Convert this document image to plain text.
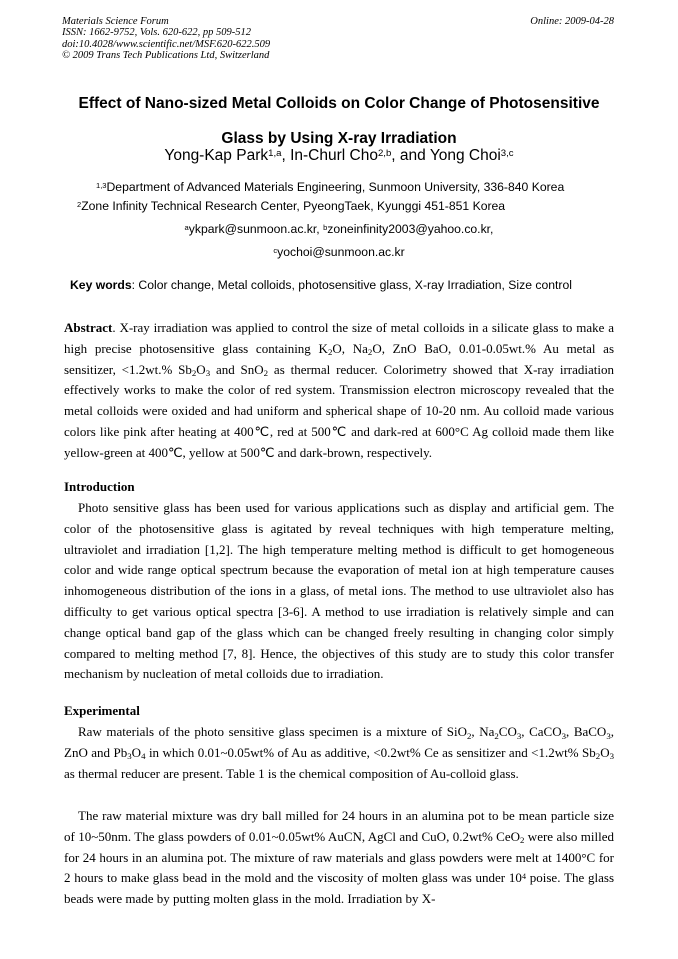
Materials Science Forum
ISSN: 1662-9752, Vols. 620-622, pp 509-512
doi:10.4028/www.scientific.net/MSF.620-622.509
© 2009 Trans Tech Publications Ltd, Switzerland
Online: 2009-04-28
Effect of Nano-sized Metal Colloids on Color Change of Photosensitive
Glass by Using X-ray Irradiation
Yong-Kap Park$^{1,a}$, In-Churl Cho$^{2,b}$, and Yong Choi$^{3,c}$
$^{1,3}$Department of Advanced Materials Engineering, Sunmoon University, 336-840 Korea
$^2$Zone Infinity Technical Research Center, PyeongTaek, Kyunggi 451-851 Korea
$^a$ykpark@sunmoon.ac.kr, $^b$zoneinfinity2003@yahoo.co.kr,
$^c$yochoi@sunmoon.ac.kr
Key words: Color change, Metal colloids, photosensitive glass, X-ray Irradiation, Size control
Abstract. X-ray irradiation was applied to control the size of metal colloids in a silicate glass to make a high precise photosensitive glass containing $K_2O$, $Na_2O$, ZnO BaO, 0.01-0.05wt.% Au metal as sensitizer, <1.2wt.% $Sb_2O_3$ and SnO$_2$ as thermal reducer. Colorimetry showed that X-ray irradiation effectively works to make the color of red system. Transmission electron microscopy revealed that the metal colloids were oxided and had uniform and spherical shape of 10-20 nm. Au colloid made various colors like pink after heating at 400℃, red at 500℃ and dark-red at 600°C Ag colloid made them like yellow-green at 400℃, yellow at 500℃ and dark-brown, respectively.
Introduction
Photo sensitive glass has been used for various applications such as display and artificial gem. The color of the photosensitive glass is agitated by reveal techniques with high temperature melting, ultraviolet and irradiation [1,2]. The high temperature melting method is difficult to get homogeneous color and wide range optical spectrum because the evaporation of metal ion at high temperature causes inhomogeneous distribution of the ions in a glass, of metal ions. The method to use ultraviolet also has difficulty to get various optical spectra [3-6]. A method to use irradiation is relatively simple and can change optical band gap of the glass which can be changed freely resulting in changing color simply compared to melting method [7, 8]. Hence, the objectives of this study are to study this color transfer mechanism by nucleation of metal colloids due to irradiation.
Experimental
Raw materials of the photo sensitive glass specimen is a mixture of SiO$_2$, $Na_2CO_3$, CaCO$_3$, BaCO$_3$, ZnO and $Pb_3O_4$ in which 0.01~0.05wt% of Au as additive, <0.2wt% Ce as sensitizer and <1.2wt% $Sb_2O_3$ as thermal reducer are present. Table 1 is the chemical composition of Au-colloid glass.
The raw material mixture was dry ball milled for 24 hours in an alumina pot to be mean particle size of 10~50nm. The glass powders of 0.01~0.05wt% AuCN, AgCl and CuO, 0.2wt% CeO$_2$ were also milled for 24 hours in an alumina pot. The mixture of raw materials and glass powders were melt at 1400°C for 2 hours to make glass bead in the mold and the viscosity of molten glass was under $10^4$ poise. The glass beads were made by putting molten glass in the mold. Irradiation by X-
